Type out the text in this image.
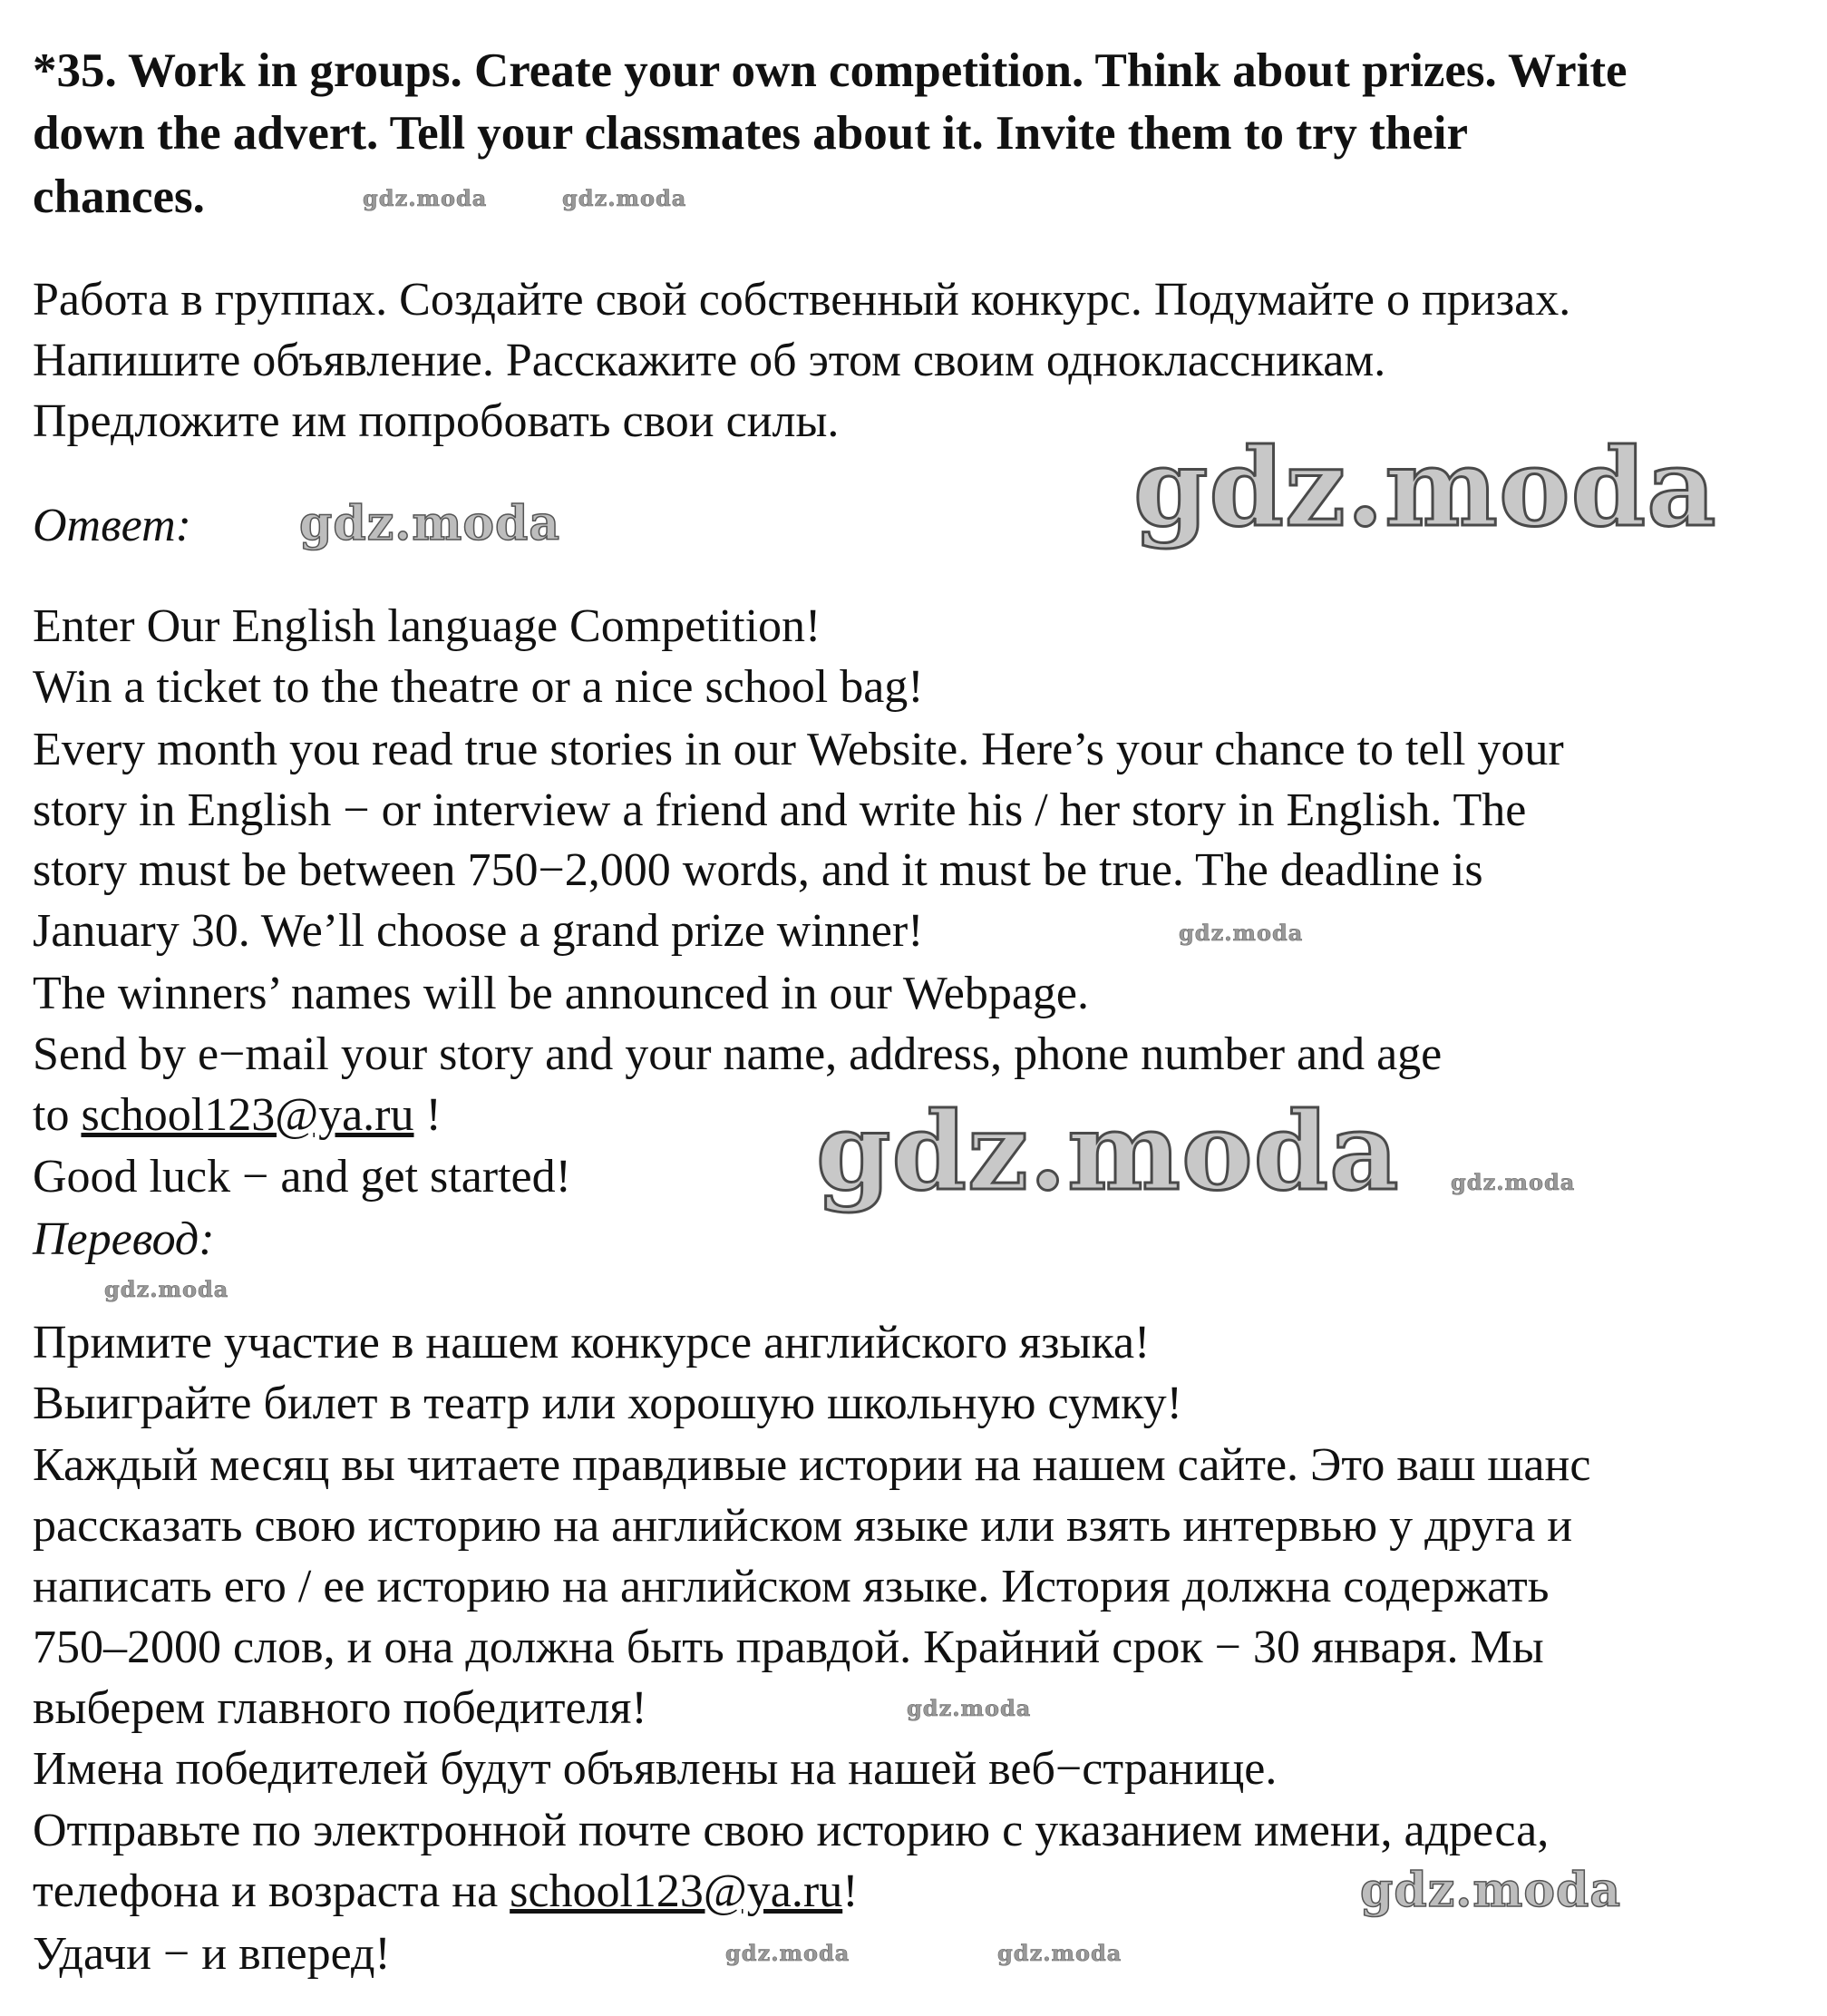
*35. Work in groups. Create your own competition. Think about prizes. Write
down the advert. Tell your classmates about it. Invite them to try their
chances.
Работа в группах. Создайте свой собственный конкурс. Подумайте о призах.
Напишите объявление. Расскажите об этом своим одноклассникам.
Предложите им попробовать свои силы.
Ответ:
Enter Our English language Competition!
Win a ticket to the theatre or a nice school bag!
Every month you read true stories in our Website. Here’s your chance to tell your
story in English − or interview a friend and write his / her story in English. The
story must be between 750−2,000 words, and it must be true. The deadline is
January 30. We’ll choose a grand prize winner!
The winners’ names will be announced in our Webpage.
Send by e−mail your story and your name, address, phone number and age
to school123@ya.ru !
Good luck − and get started!
Перевод:
Примите участие в нашем конкурсе английского языка!
Выиграйте билет в театр или хорошую школьную сумку!
Каждый месяц вы читаете правдивые истории на нашем сайте. Это ваш шанс
рассказать свою историю на английском языке или взять интервью у друга и
написать его / ее историю на английском языке. История должна содержать
750–2000 слов, и она должна быть правдой. Крайний срок − 30 января. Мы
выберем главного победителя!
Имена победителей будут объявлены на нашей веб−странице.
Отправьте по электронной почте свою историю с указанием имени, адреса,
телефона и возраста на school123@ya.ru!
Удачи − и вперед!
gdz.moda
gdz.moda
gdz.moda
gdz.moda
gdz.moda	gdz.moda
gdz.moda
gdz.moda
gdz.moda
gdz.moda	gdz.moda
gdz.moda
